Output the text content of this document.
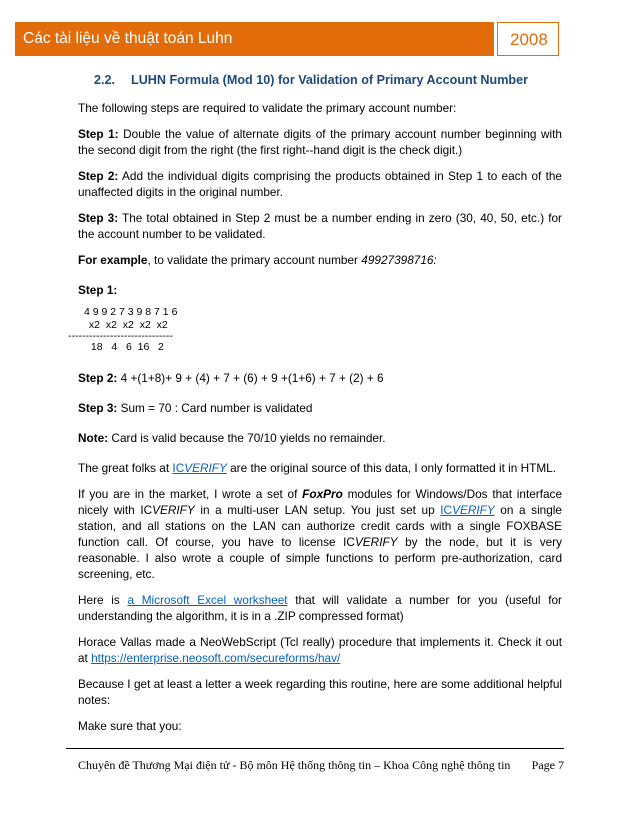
Các tài liệu về thuật toán Luhn	2008
2.2. LUHN Formula (Mod 10) for Validation of Primary Account Number

The following steps are required to validate the primary account number:

Step 1: Double the value of alternate digits of the primary account number beginning with the second digit from the right (the first right--hand digit is the check digit.)

Step 2: Add the individual digits comprising the products obtained in Step 1 to each of the unaffected digits in the original number.

Step 3: The total obtained in Step 2 must be a number ending in zero (30, 40, 50, etc.) for the account number to be validated.

For example, to validate the primary account number 49927398716:

Step 1:

4 9 9 2 7 3 9 8 7 1 6
x2  x2  x2  x2  x2
------------------------------
18   4   6  16   2

Step 2: 4 +(1+8)+ 9 + (4) + 7 + (6) + 9 +(1+6) + 7 + (2) + 6

Step 3: Sum = 70 : Card number is validated

Note: Card is valid because the 70/10 yields no remainder.

The great folks at ICVERIFY are the original source of this data, I only formatted it in HTML.

If you are in the market, I wrote a set of FoxPro modules for Windows/Dos that interface nicely with ICVERIFY in a multi-user LAN setup. You just set up ICVERIFY on a single station, and all stations on the LAN can authorize credit cards with a single FOXBASE function call. Of course, you have to license ICVERIFY by the node, but it is very reasonable. I also wrote a couple of simple functions to perform pre-authorization, card screening, etc.

Here is a Microsoft Excel worksheet that will validate a number for you (useful for understanding the algorithm, it is in a .ZIP compressed format)

Horace Vallas made a NeoWebScript (Tcl really) procedure that implements it. Check it out at https://enterprise.neosoft.com/secureforms/hav/

Because I get at least a letter a week regarding this routine, here are some additional helpful notes:

Make sure that you:

Chuyên đề Thương Mại điện tử - Bộ môn Hệ thống thông tin – Khoa Công nghệ thông tin Page 7
